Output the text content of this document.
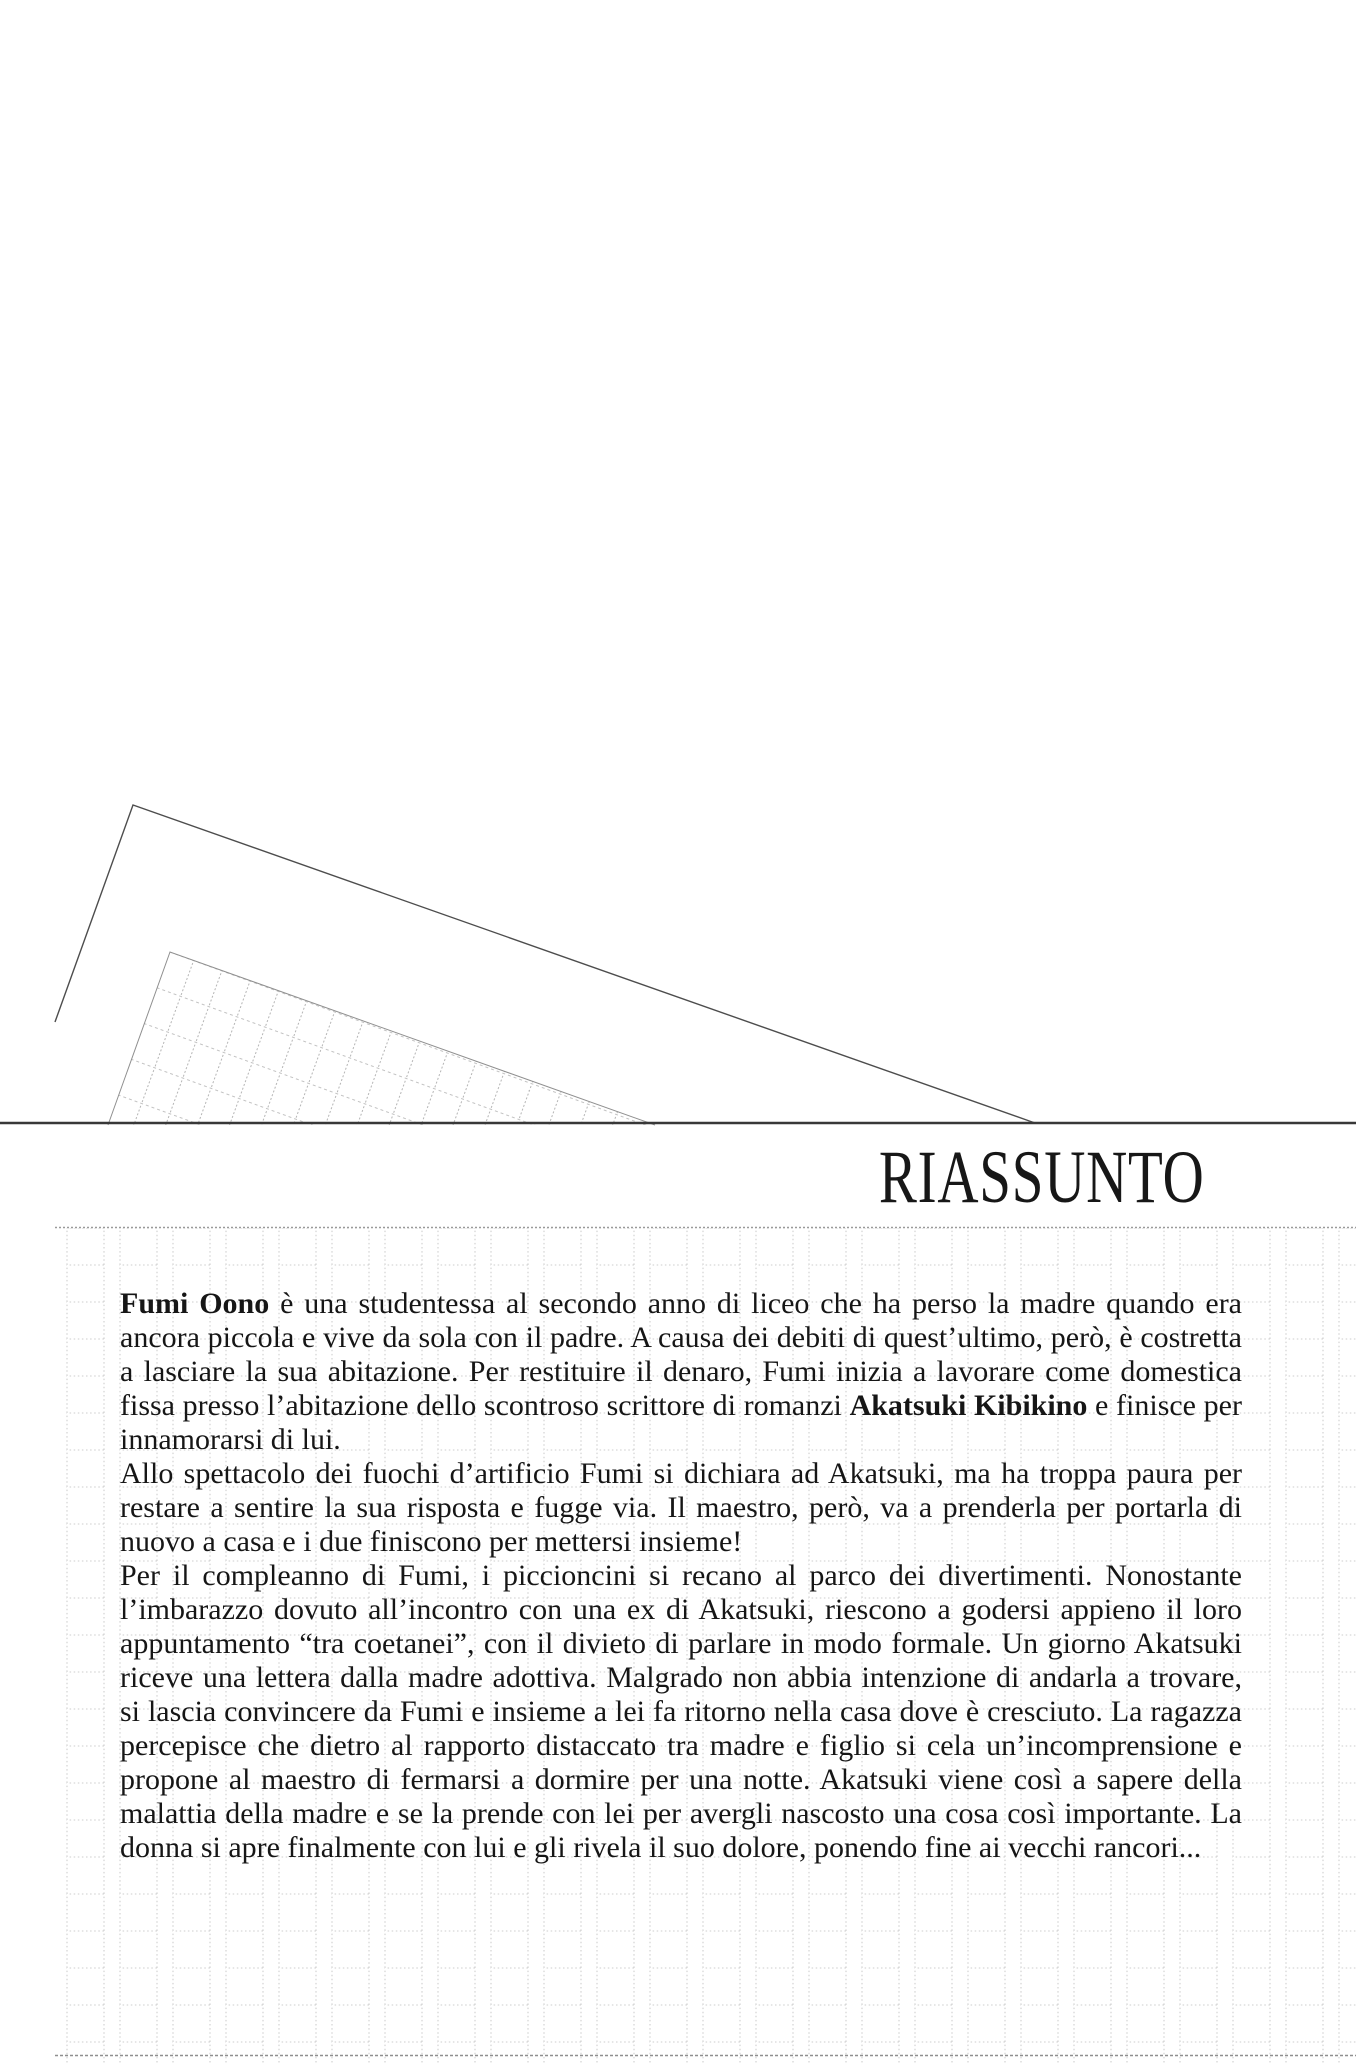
RIASSUNTO

Fumi Oono è una studentessa al secondo anno di liceo che ha perso la madre quando era ancora piccola e vive da sola con il padre. A causa dei debiti di quest’ultimo, però, è costretta a lasciare la sua abitazione. Per restituire il denaro, Fumi inizia a lavorare come domestica fissa presso l’abitazione dello scontroso scrittore di romanzi Akatsuki Kibikino e finisce per innamorarsi di lui.

Allo spettacolo dei fuochi d’artificio Fumi si dichiara ad Akatsuki, ma ha troppa paura per restare a sentire la sua risposta e fugge via. Il maestro, però, va a prenderla per portarla di nuovo a casa e i due finiscono per mettersi insieme!

Per il compleanno di Fumi, i piccioncini si recano al parco dei divertimenti. Nonostante l’imbarazzo dovuto all’incontro con una ex di Akatsuki, riescono a godersi appieno il loro appuntamento “tra coetanei”, con il divieto di parlare in modo formale. Un giorno Akatsuki riceve una lettera dalla madre adottiva. Malgrado non abbia intenzione di andarla a trovare, si lascia convincere da Fumi e insieme a lei fa ritorno nella casa dove è cresciuto. La ragazza percepisce che dietro al rapporto distaccato tra madre e figlio si cela un’incomprensione e propone al maestro di fermarsi a dormire per una notte. Akatsuki viene così a sapere della malattia della madre e se la prende con lei per avergli nascosto una cosa così importante. La donna si apre finalmente con lui e gli rivela il suo dolore, ponendo fine ai vecchi rancori...
